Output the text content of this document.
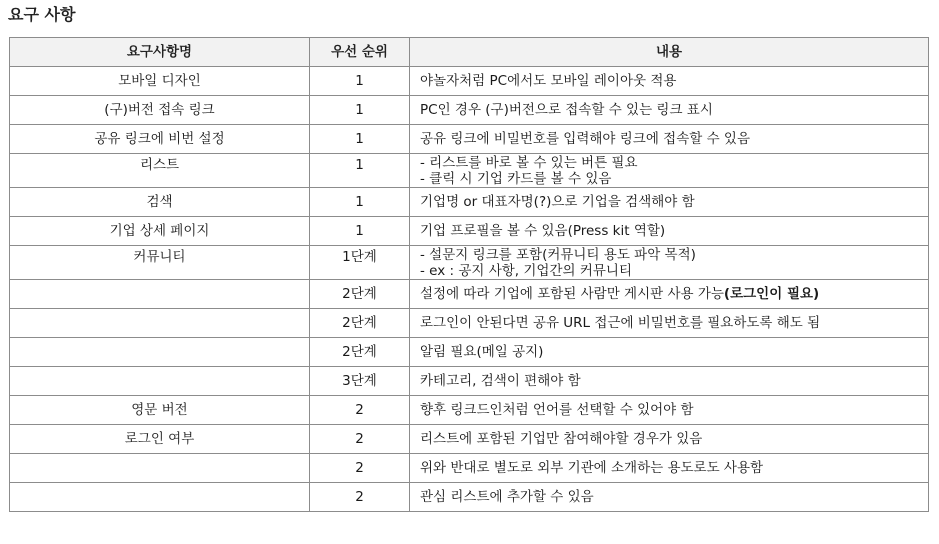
요구 사항
요구사항명	우선 순위	내용
모바일 디자인	1	야놀자처럼 PC에서도 모바일 레이아웃 적용

(구)버전 접속 링크	1	PC인 경우 (구)버전으로 접속할 수 있는 링크 표시

공유 링크에 비번 설정	1	공유 링크에 비밀번호를 입력해야 링크에 접속할 수 있음

리스트	1	- 리스트를 바로 볼 수 있는 버튼 필요
- 클릭 시 기업 카드를 볼 수 있음

검색	1	기업명 or 대표자명(?)으로 기업을 검색해야 함

기업 상세 페이지	1	기업 프로필을 볼 수 있음(Press kit 역할)

커뮤니티	1단계	- 설문지 링크를 포함(커뮤니티 용도 파악 목적)
- ex : 공지 사항, 기업간의 커뮤니티

	2단계	설정에 따라 기업에 포함된 사람만 게시판 사용 가능(로그인이 필요)
	2단계	로그인이 안된다면 공유 URL 접근에 비밀번호를 필요하도록 해도 됨

	2단계	알림 필요(메일 공지)

	3단계	카테고리, 검색이 편해야 함

영문 버전	2	향후 링크드인처럼 언어를 선택할 수 있어야 함

로그인 여부	2	리스트에 포함된 기업만 참여해야할 경우가 있음

	2	위와 반대로 별도로 외부 기관에 소개하는 용도로도 사용함

	2	관심 리스트에 추가할 수 있음
